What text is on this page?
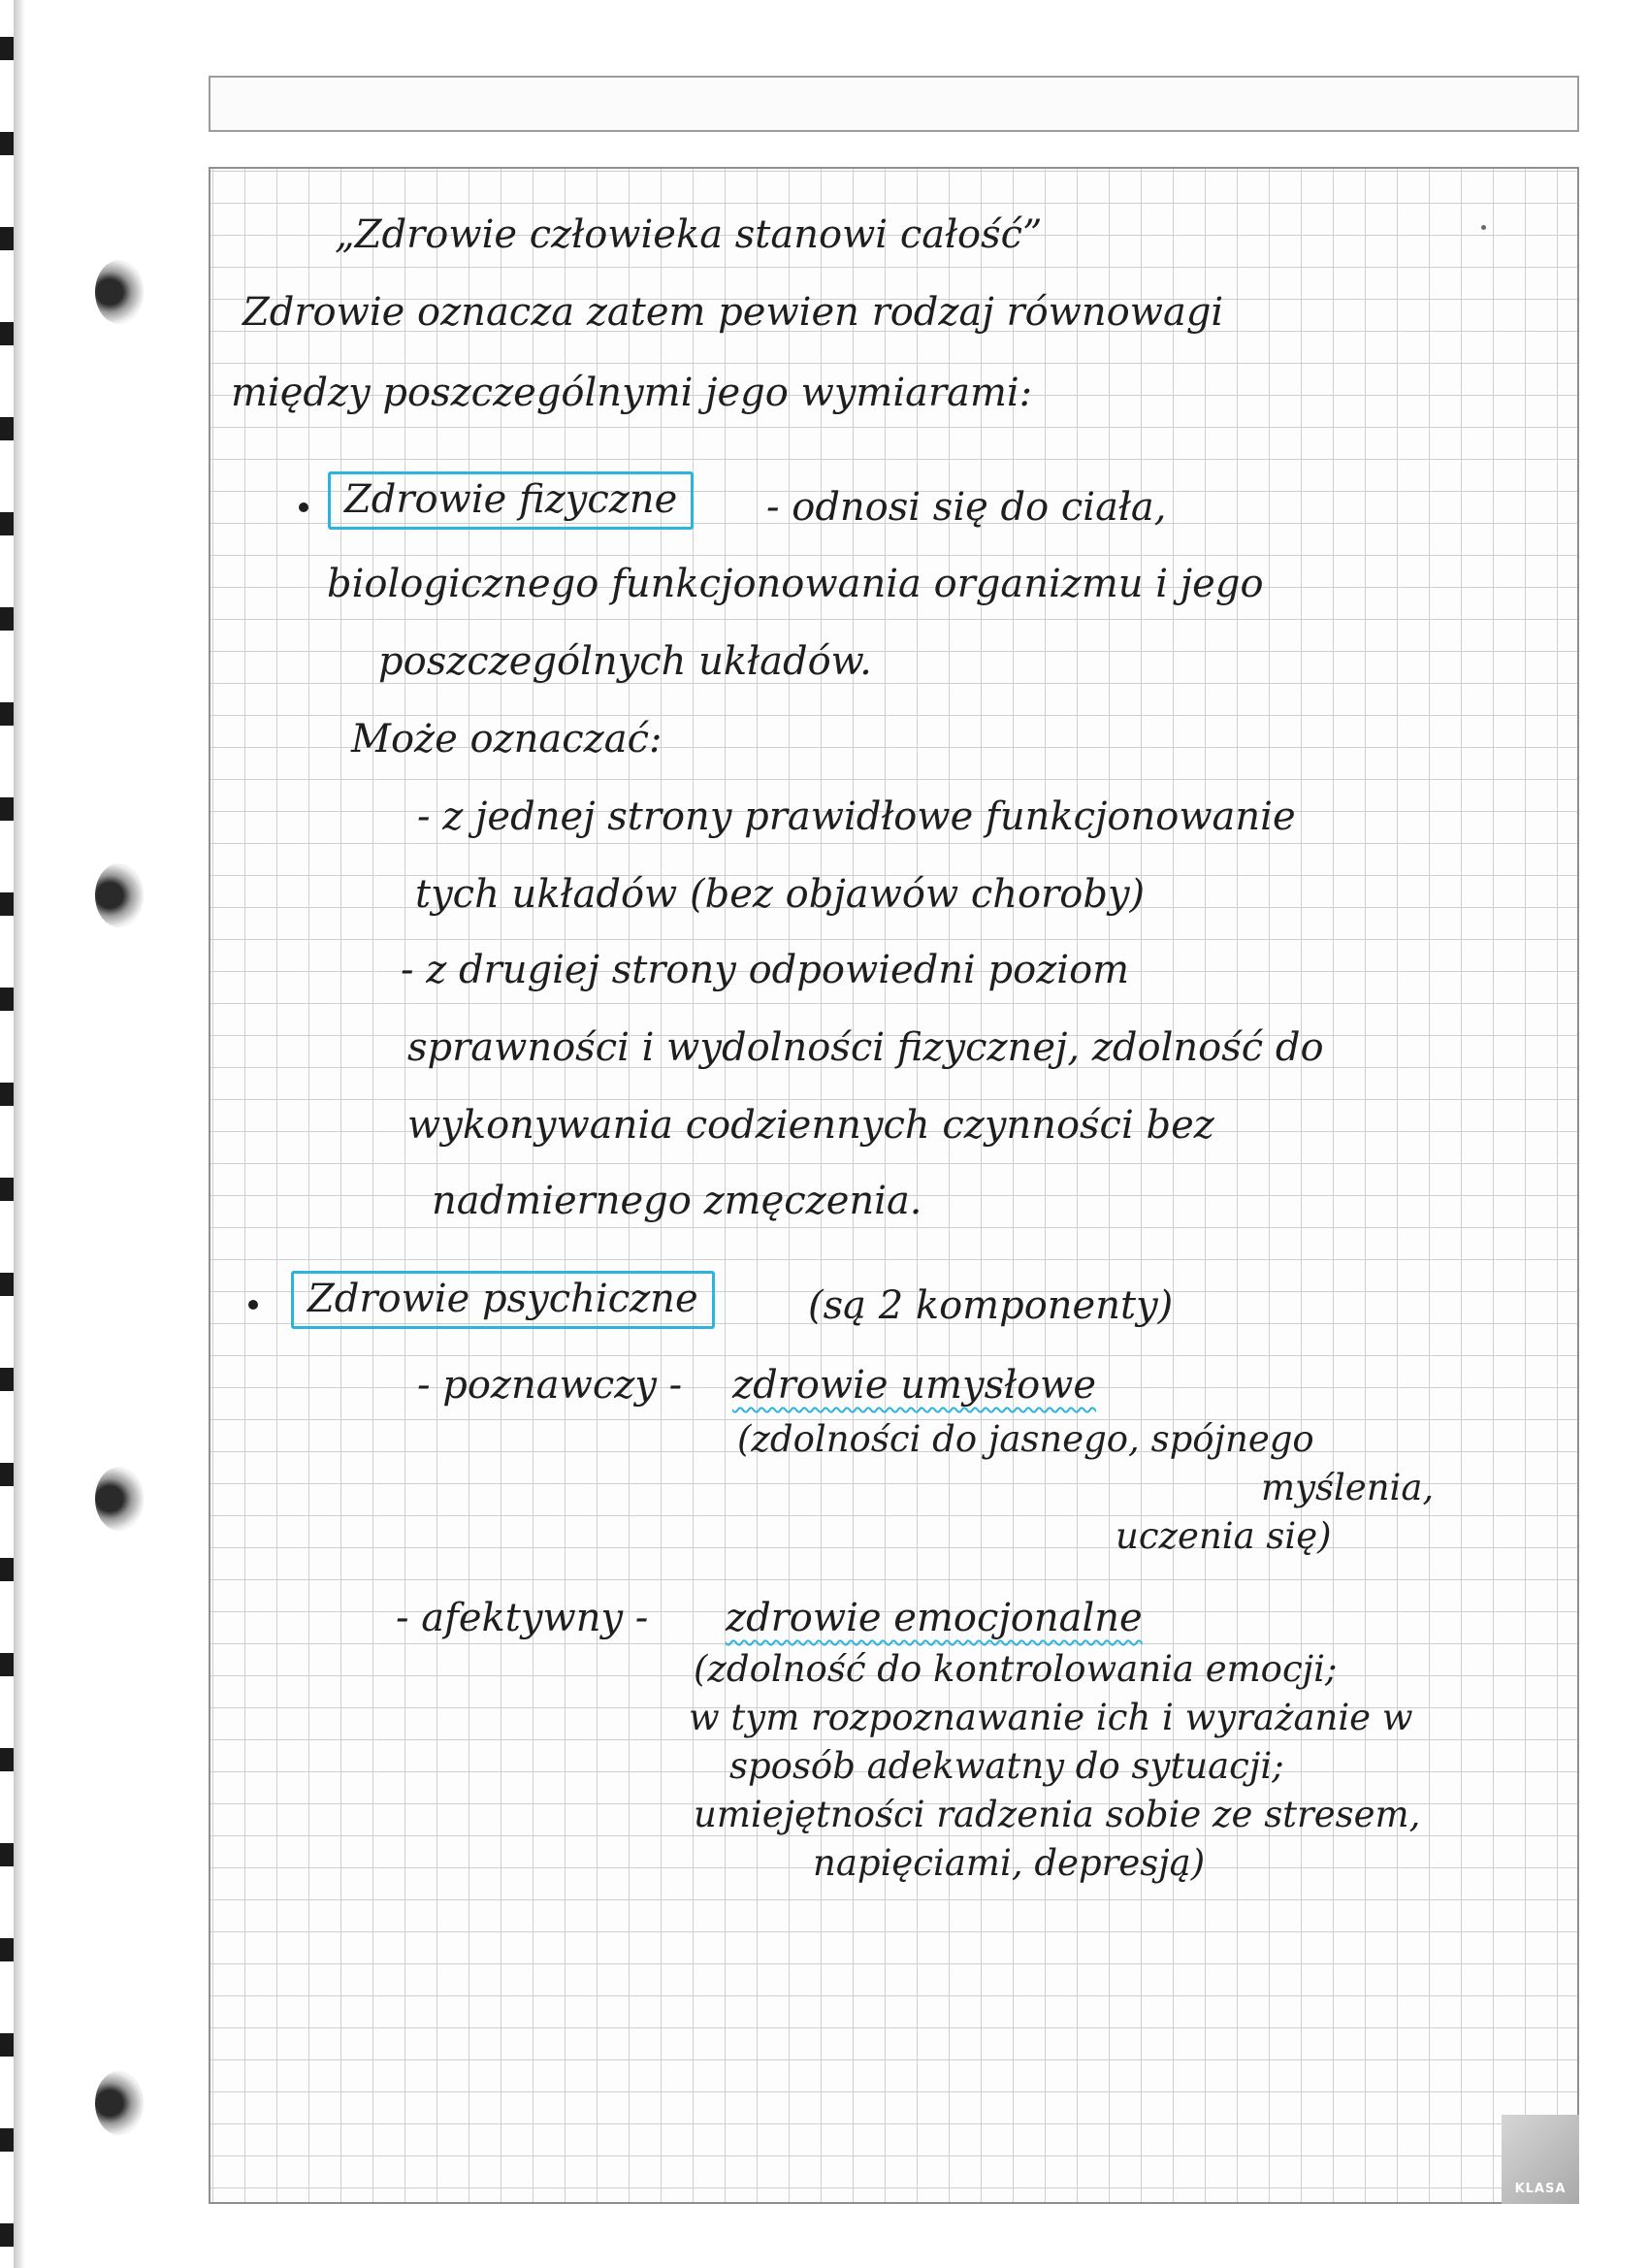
KLASA
„Zdrowie człowieka stanowi całość”
Zdrowie oznacza zatem pewien rodzaj równowagi
między poszczególnymi jego wymiarami:
Zdrowie fizyczne	- odnosi się do ciała,
biologicznego funkcjonowania organizmu i jego
poszczególnych układów.
Może oznaczać:
- z jednej strony prawidłowe funkcjonowanie
tych układów (bez objawów choroby)
- z drugiej strony odpowiedni poziom
sprawności i wydolności fizycznej, zdolność do
wykonywania codziennych czynności bez
nadmiernego zmęczenia.
Zdrowie psychiczne	(są 2 komponenty)
- poznawczy - zdrowie umysłowe
(zdolności do jasnego, spójnego
myślenia,
uczenia się)
- afektywny - zdrowie emocjonalne
(zdolność do kontrolowania emocji;
w tym rozpoznawanie ich i wyrażanie w
sposób adekwatny do sytuacji;
umiejętności radzenia sobie ze stresem,
napięciami, depresją)
